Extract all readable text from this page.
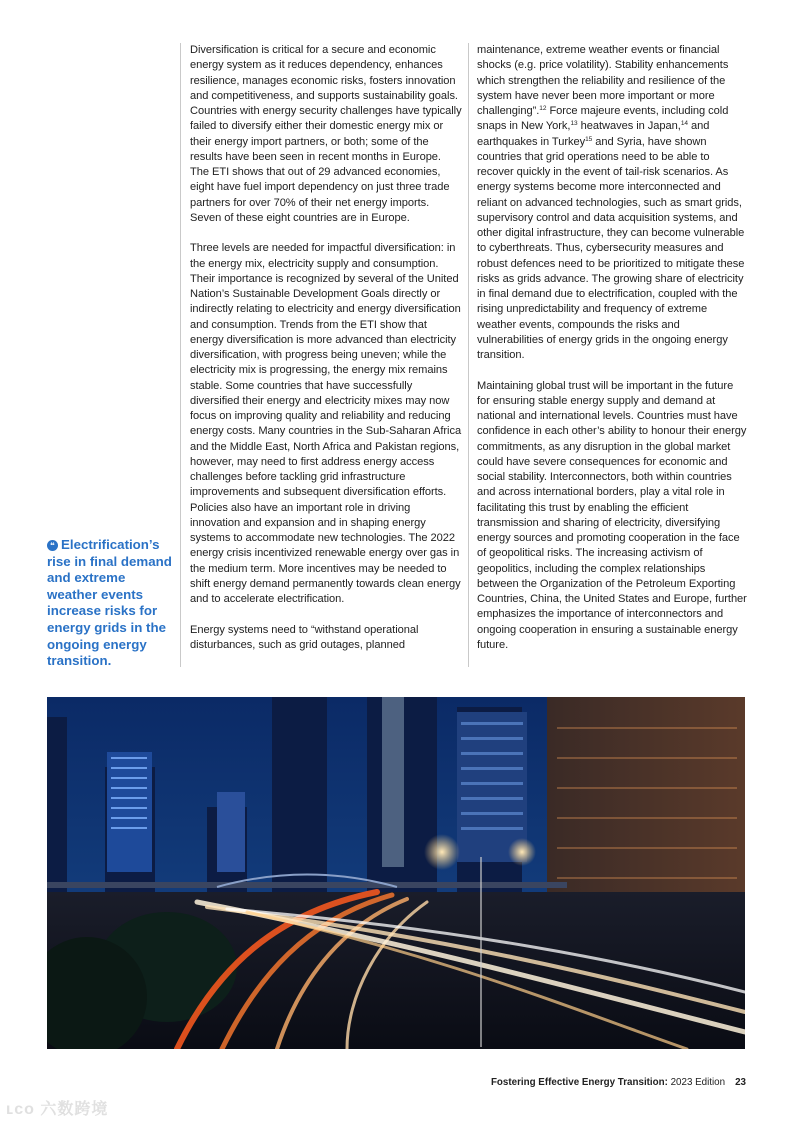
❝ Electrification’s rise in final demand and extreme weather events increase risks for energy grids in the ongoing energy transition.

Diversification is critical for a secure and economic energy system as it reduces dependency, enhances resilience, manages economic risks, fosters innovation and competitiveness, and supports sustainability goals. Countries with energy security challenges have typically failed to diversify either their domestic energy mix or their energy import partners, or both; some of the results have been seen in recent months in Europe. The ETI shows that out of 29 advanced economies, eight have fuel import dependency on just three trade partners for over 70% of their net energy imports. Seven of these eight countries are in Europe.

Three levels are needed for impactful diversification: in the energy mix, electricity supply and consumption. Their importance is recognized by several of the United Nation’s Sustainable Development Goals directly or indirectly relating to electricity and energy diversification and consumption. Trends from the ETI show that energy diversification is more advanced than electricity diversification, with progress being uneven; while the electricity mix is progressing, the energy mix remains stable. Some countries that have successfully diversified their energy and electricity mixes may now focus on improving quality and reliability and reducing energy costs. Many countries in the Sub-Saharan Africa and the Middle East, North Africa and Pakistan regions, however, may need to first address energy access challenges before tackling grid infrastructure improvements and subsequent diversification efforts. Policies also have an important role in driving innovation and expansion and in shaping energy systems to accommodate new technologies. The 2022 energy crisis incentivized renewable energy over gas in the medium term. More incentives may be needed to shift energy demand permanently towards clean energy and to accelerate electrification.

Energy systems need to “withstand operational disturbances, such as grid outages, planned

maintenance, extreme weather events or financial shocks (e.g. price volatility). Stability enhancements which strengthen the reliability and resilience of the system have never been more important or more challenging”.$^{12}$ Force majeure events, including cold snaps in New York,$^{13}$ heatwaves in Japan,$^{14}$ and earthquakes in Turkey$^{15}$ and Syria, have shown countries that grid operations need to be able to recover quickly in the event of tail-risk scenarios. As energy systems become more interconnected and reliant on advanced technologies, such as smart grids, supervisory control and data acquisition systems, and other digital infrastructure, they can become vulnerable to cyberthreats. Thus, cybersecurity measures and robust defences need to be prioritized to mitigate these risks as grids advance. The growing share of electricity in final demand due to electrification, coupled with the rising unpredictability and frequency of extreme weather events, compounds the risks and vulnerabilities of energy grids in the ongoing energy transition.

Maintaining global trust will be important in the future for ensuring stable energy supply and demand at national and international levels. Countries must have confidence in each other’s ability to honour their energy commitments, as any disruption in the global market could have severe consequences for economic and social stability. Interconnectors, both within countries and across international borders, play a vital role in facilitating this trust by enabling the efficient transmission and sharing of electricity, diversifying energy sources and promoting cooperation in the face of geopolitical risks. The increasing activism of geopolitics, including the complex relationships between the Organization of the Petroleum Exporting Countries, China, the United States and Europe, further emphasizes the importance of interconnectors and ongoing cooperation in ensuring a sustainable energy future.

Fostering Effective Energy Transition: 2023 Edition 23
ʟᴄᴏ 六数跨境
